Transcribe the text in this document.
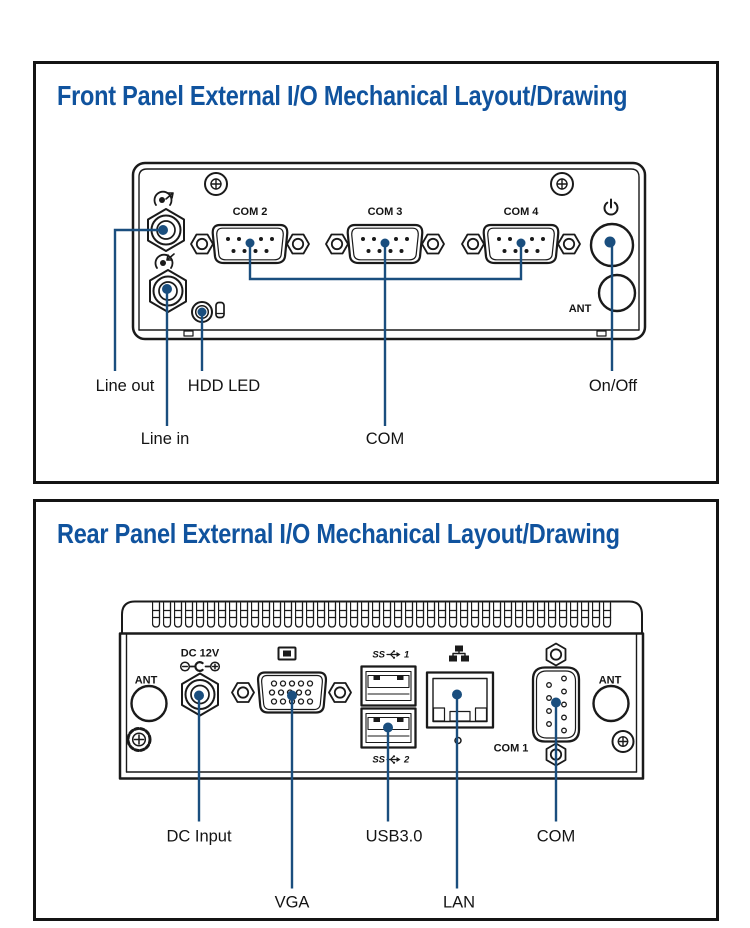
Front Panel External I/O Mechanical Layout/Drawing
COM 2	COM 3	COM 4
ANT
Line out HDD LED	On/Off
Line in	COM
Rear Panel External I/O Mechanical Layout/Drawing
ANT
DC 12V	SS 1
SS 2
COM 1
ANT
DC Input	USB3.0	COM
VGA	LAN
